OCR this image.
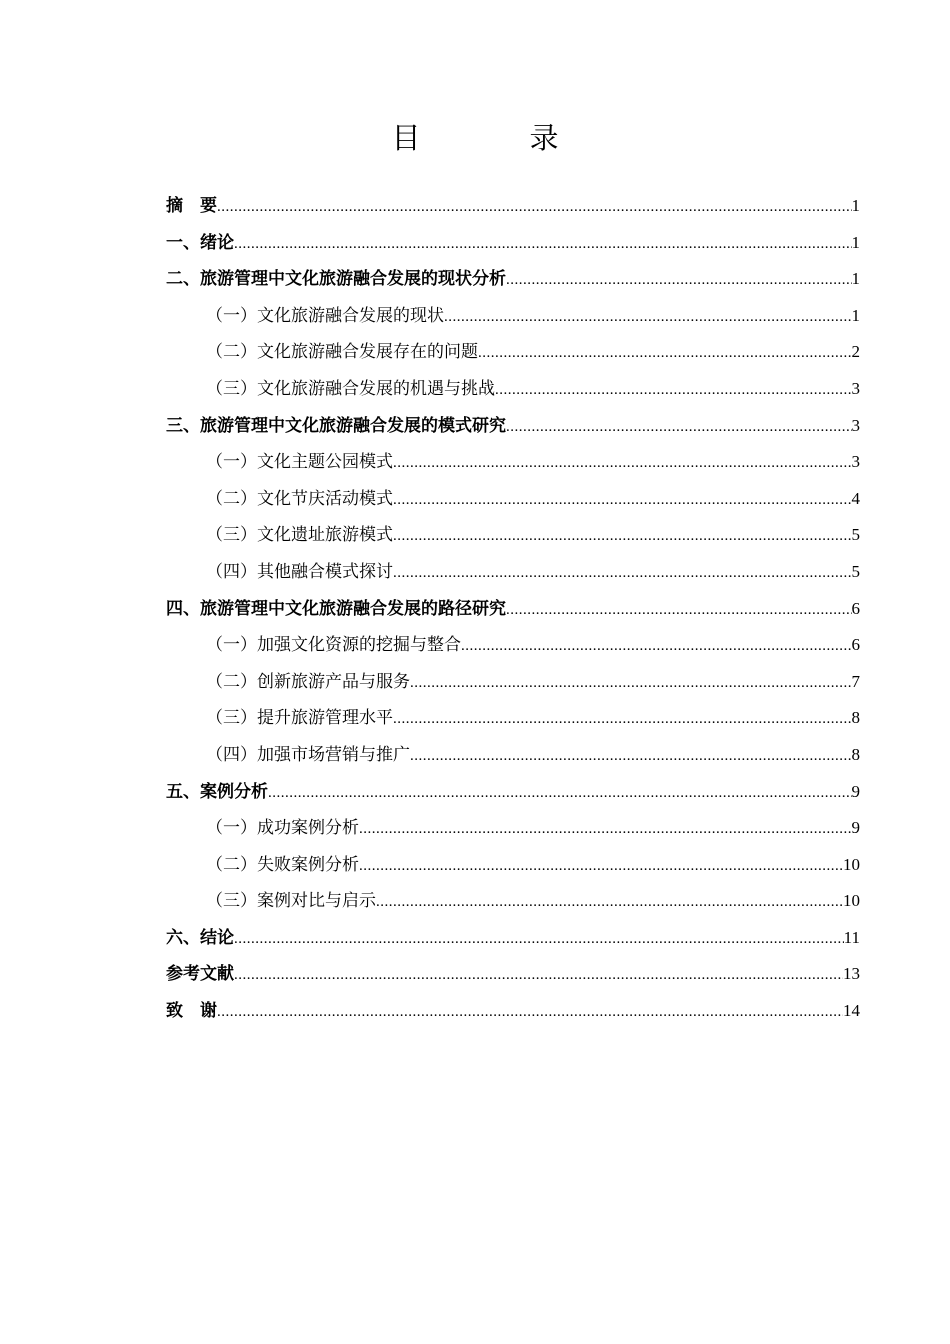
目　录
摘　要 .....	1
一、绪论 .....	1
二、旅游管理中文化旅游融合发展的现状分析 .....	1
（一）文化旅游融合发展的现状 .....	1
（二）文化旅游融合发展存在的问题 .....	2
（三）文化旅游融合发展的机遇与挑战 .....	3
三、旅游管理中文化旅游融合发展的模式研究 .....	3
（一）文化主题公园模式 .....	3
（二）文化节庆活动模式 .....	4
（三）文化遗址旅游模式 .....	5
（四）其他融合模式探讨 .....	5
四、旅游管理中文化旅游融合发展的路径研究 .....	6
（一）加强文化资源的挖掘与整合 .....	6
（二）创新旅游产品与服务 .....	7
（三）提升旅游管理水平 .....	8
（四）加强市场营销与推广 .....	8
五、案例分析 .....	9
（一）成功案例分析 .....	9
（二）失败案例分析 .....	10
（三）案例对比与启示 .....	10
六、结论 .....	11
参考文献 .....	13
致　谢 .....	14
